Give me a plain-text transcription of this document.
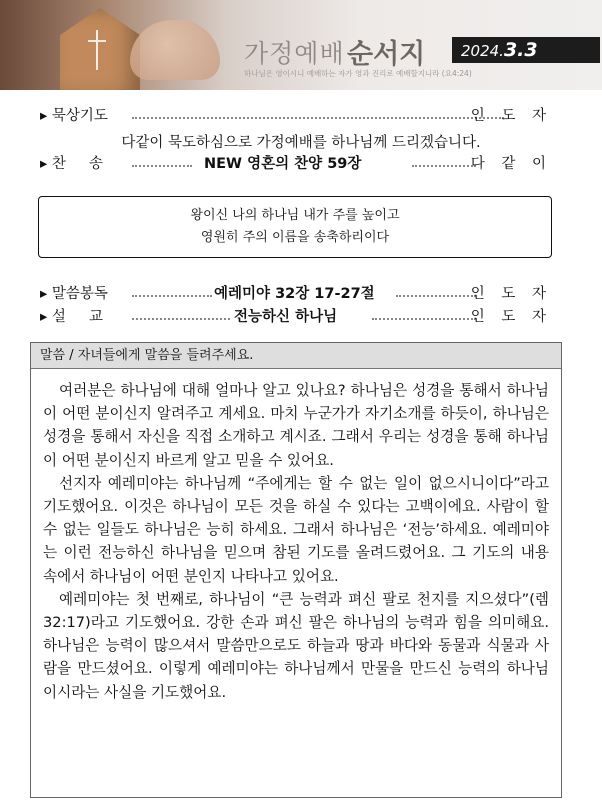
가정예배 순서지	2024.3.3
하나님은 영이시니 예배하는 자가 영과 진리로 예배할지니라 (요4:24)
▸ 묵상기도	인 도 자
다같이 묵도하심으로 가정예배를 하나님께 드리겠습니다.
▸ 찬     송	NEW 영혼의 찬양 59장	다 같 이
왕이신 나의 하나님 내가 주를 높이고
영원히 주의 이름을 송축하리이다
▸ 말씀봉독	예레미야 32장 17-27절	인 도 자
▸ 설     교	전능하신 하나님	인 도 자
말씀 / 자녀들에게 말씀을 들려주세요.

여러분은 하나님에 대해 얼마나 알고 있나요? 하나님은 성경을 통해서 하나님이 어떤 분이신지 알려주고 계세요. 마치 누군가가 자기소개를 하듯이, 하나님은 성경을 통해서 자신을 직접 소개하고 계시죠. 그래서 우리는 성경을 통해 하나님이 어떤 분이신지 바르게 알고 믿을 수 있어요.

선지자 예레미야는 하나님께 “주에게는 할 수 없는 일이 없으시니이다”라고 기도했어요. 이것은 하나님이 모든 것을 하실 수 있다는 고백이에요. 사람이 할 수 없는 일들도 하나님은 능히 하세요. 그래서 하나님은 ‘전능’하세요. 예레미야는 이런 전능하신 하나님을 믿으며 참된 기도를 올려드렸어요. 그 기도의 내용 속에서 하나님이 어떤 분인지 나타나고 있어요.

예레미야는 첫 번째로, 하나님이 “큰 능력과 펴신 팔로 천지를 지으셨다”(렘 32:17)라고 기도했어요. 강한 손과 펴신 팔은 하나님의 능력과 힘을 의미해요. 하나님은 능력이 많으셔서 말씀만으로도 하늘과 땅과 바다와 동물과 식물과 사람을 만드셨어요. 이렇게 예레미야는 하나님께서 만물을 만드신 능력의 하나님이시라는 사실을 기도했어요.
